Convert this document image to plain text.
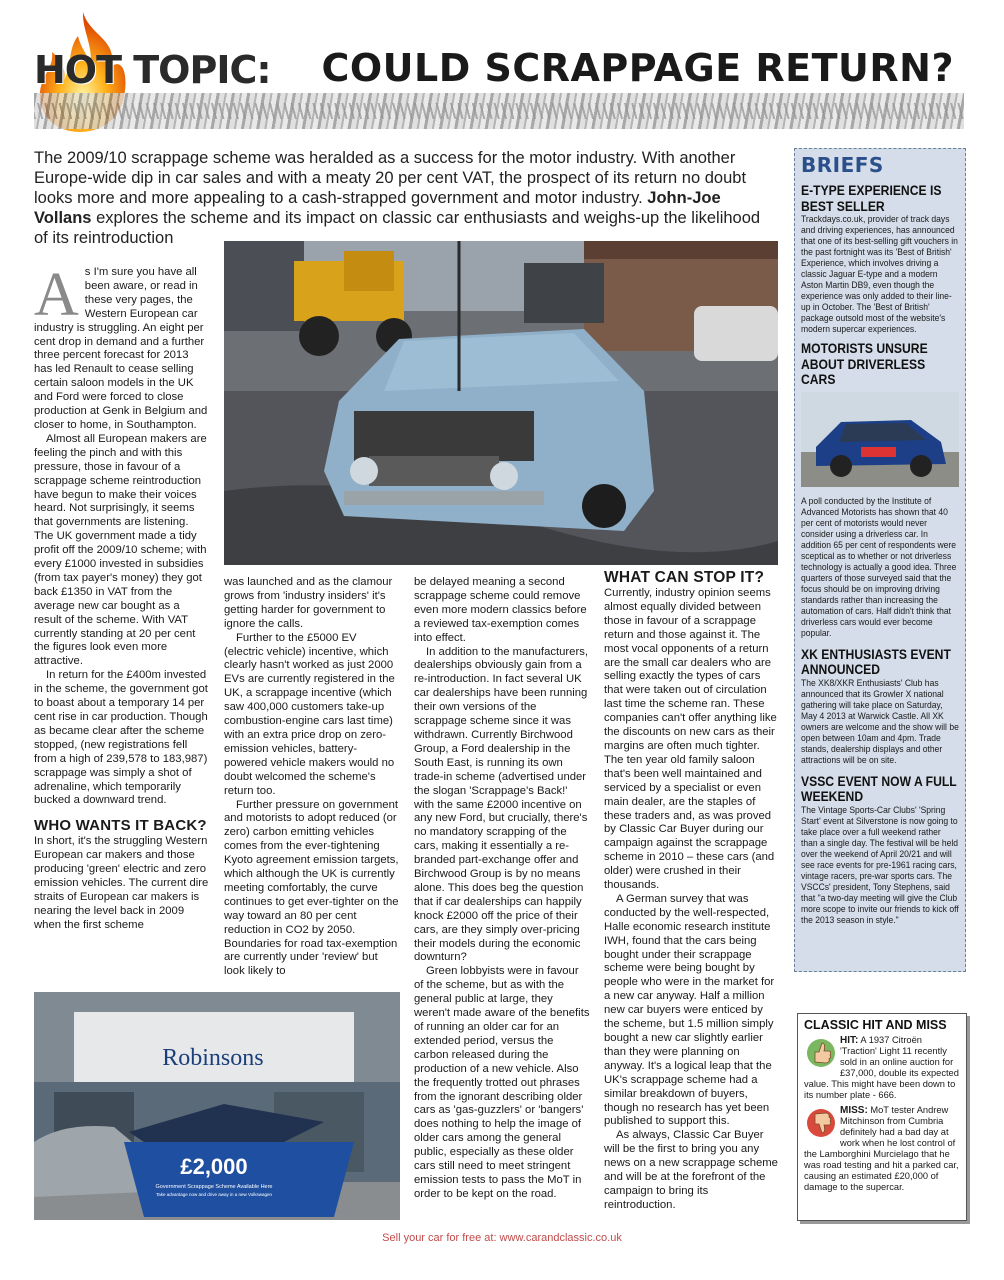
HOT TOPIC: COULD SCRAPPAGE RETURN?
The 2009/10 scrappage scheme was heralded as a success for the motor industry. With another Europe-wide dip in car sales and with a meaty 20 per cent VAT, the prospect of its return no doubt looks more and more appealing to a cash-strapped government and motor industry. John-Joe Vollans explores the scheme and its impact on classic car enthusiasts and weighs-up the likelihood of its reintroduction
A s I'm sure you have all been aware, or read in these very pages, the Western European car industry is struggling. An eight per cent drop in demand and a further three percent forecast for 2013 has led Renault to cease selling certain saloon models in the UK and Ford were forced to close production at Genk in Belgium and closer to home, in Southampton.

Almost all European makers are feeling the pinch and with this pressure, those in favour of a scrappage scheme reintroduction have begun to make their voices heard. Not surprisingly, it seems that governments are listening. The UK government made a tidy profit off the 2009/10 scheme; with every £1000 invested in subsidies (from tax payer's money) they got back £1350 in VAT from the average new car bought as a result of the scheme. With VAT currently standing at 20 per cent the figures look even more attractive.

In return for the £400m invested in the scheme, the government got to boast about a temporary 14 per cent rise in car production. Though as became clear after the scheme stopped, (new registrations fell from a high of 239,578 to 183,987) scrappage was simply a shot of adrenaline, which temporarily bucked a downward trend.

WHO WANTS IT BACK?

In short, it's the struggling Western European car makers and those producing 'green' electric and zero emission vehicles. The current dire straits of European car makers is nearing the level back in 2009 when the first scheme

was launched and as the clamour grows from 'industry insiders' it's getting harder for government to ignore the calls.

Further to the £5000 EV (electric vehicle) incentive, which clearly hasn't worked as just 2000 EVs are currently registered in the UK, a scrappage incentive (which saw 400,000 customers take-up combustion-engine cars last time) with an extra price drop on zero-emission vehicles, battery-powered vehicle makers would no doubt welcomed the scheme's return too.

Further pressure on government and motorists to adopt reduced (or zero) carbon emitting vehicles comes from the ever-tightening Kyoto agreement emission targets, which although the UK is currently meeting comfortably, the curve continues to get ever-tighter on the way toward an 80 per cent reduction in CO2 by 2050. Boundaries for road tax-exemption are currently under 'review' but look likely to

be delayed meaning a second scrappage scheme could remove even more modern classics before a reviewed tax-exemption comes into effect.

In addition to the manufacturers, dealerships obviously gain from a re-introduction. In fact several UK car dealerships have been running their own versions of the scrappage scheme since it was withdrawn. Currently Birchwood Group, a Ford dealership in the South East, is running its own trade-in scheme (advertised under the slogan 'Scrappage's Back!' with the same £2000 incentive on any new Ford, but crucially, there's no mandatory scrapping of the cars, making it essentially a re-branded part-exchange offer and Birchwood Group is by no means alone. This does beg the question that if car dealerships can happily knock £2000 off the price of their cars, are they simply over-pricing their models during the economic downturn?

Green lobbyists were in favour of the scheme, but as with the general public at large, they weren't made aware of the benefits of running an older car for an extended period, versus the carbon released during the production of a new vehicle. Also the frequently trotted out phrases from the ignorant describing older cars as 'gas-guzzlers' or 'bangers' does nothing to help the image of older cars among the general public, especially as these older cars still need to meet stringent emission tests to pass the MoT in order to be kept on the road.

WHAT CAN STOP IT?

Currently, industry opinion seems almost equally divided between those in favour of a scrappage return and those against it. The most vocal opponents of a return are the small car dealers who are selling exactly the types of cars that were taken out of circulation last time the scheme ran. These companies can't offer anything like the discounts on new cars as their margins are often much tighter. The ten year old family saloon that's been well maintained and serviced by a specialist or even main dealer, are the staples of these traders and, as was proved by Classic Car Buyer during our campaign against the scrappage scheme in 2010 – these cars (and older) were crushed in their thousands.

A German survey that was conducted by the well-respected, Halle economic research institute IWH, found that the cars being bought under their scrappage scheme were being bought by people who were in the market for a new car anyway. Half a million new car buyers were enticed by the scheme, but 1.5 million simply bought a new car slightly earlier than they were planning on anyway. It's a logical leap that the UK's scrappage scheme had a similar breakdown of buyers, though no research has yet been published to support this.

As always, Classic Car Buyer will be the first to bring you any news on a new scrappage scheme and will be at the forefront of the campaign to bring its reintroduction.

Robinsons
£2,000
Government Scrappage Scheme Available Here
Take advantage now and drive away in a new Volkswagen
BRIEFS
E-TYPE EXPERIENCE IS BEST SELLER

Trackdays.co.uk, provider of track days and driving experiences, has announced that one of its best-selling gift vouchers in the past fortnight was its 'Best of British' Experience, which involves driving a classic Jaguar E-type and a modern Aston Martin DB9, even though the experience was only added to their line-up in October. The 'Best of British' package outsold most of the website's modern supercar experiences.

MOTORISTS UNSURE ABOUT DRIVERLESS CARS

A poll conducted by the Institute of Advanced Motorists has shown that 40 per cent of motorists would never consider using a driverless car. In addition 65 per cent of respondents were sceptical as to whether or not driverless technology is actually a good idea. Three quarters of those surveyed said that the focus should be on improving driving standards rather than increasing the automation of cars. Half didn't think that driverless cars would ever become popular.

XK ENTHUSIASTS EVENT ANNOUNCED

The XK8/XKR Enthusiasts' Club has announced that its Growler X national gathering will take place on Saturday, May 4 2013 at Warwick Castle. All XK owners are welcome and the show will be open between 10am and 4pm. Trade stands, dealership displays and other attractions will be on site.

VSSC EVENT NOW A FULL WEEKEND

The Vintage Sports-Car Clubs' 'Spring Start' event at Silverstone is now going to take place over a full weekend rather than a single day. The festival will be held over the weekend of April 20/21 and will see race events for pre-1961 racing cars, vintage racers, pre-war sports cars. The VSCCs' president, Tony Stephens, said that "a two-day meeting will give the Club more scope to invite our friends to kick off the 2013 season in style."

CLASSIC HIT AND MISS
HIT: A 1937 Citroën 'Traction' Light 11 recently sold in an online auction for £37,000, double its expected value. This might have been down to its number plate - 666.
MISS: MoT tester Andrew Mitchinson from Cumbria definitely had a bad day at work when he lost control of the Lamborghini Murcielago that he was road testing and hit a parked car, causing an estimated £20,000 of damage to the supercar.
Sell your car for free at: www.carandclassic.co.uk
